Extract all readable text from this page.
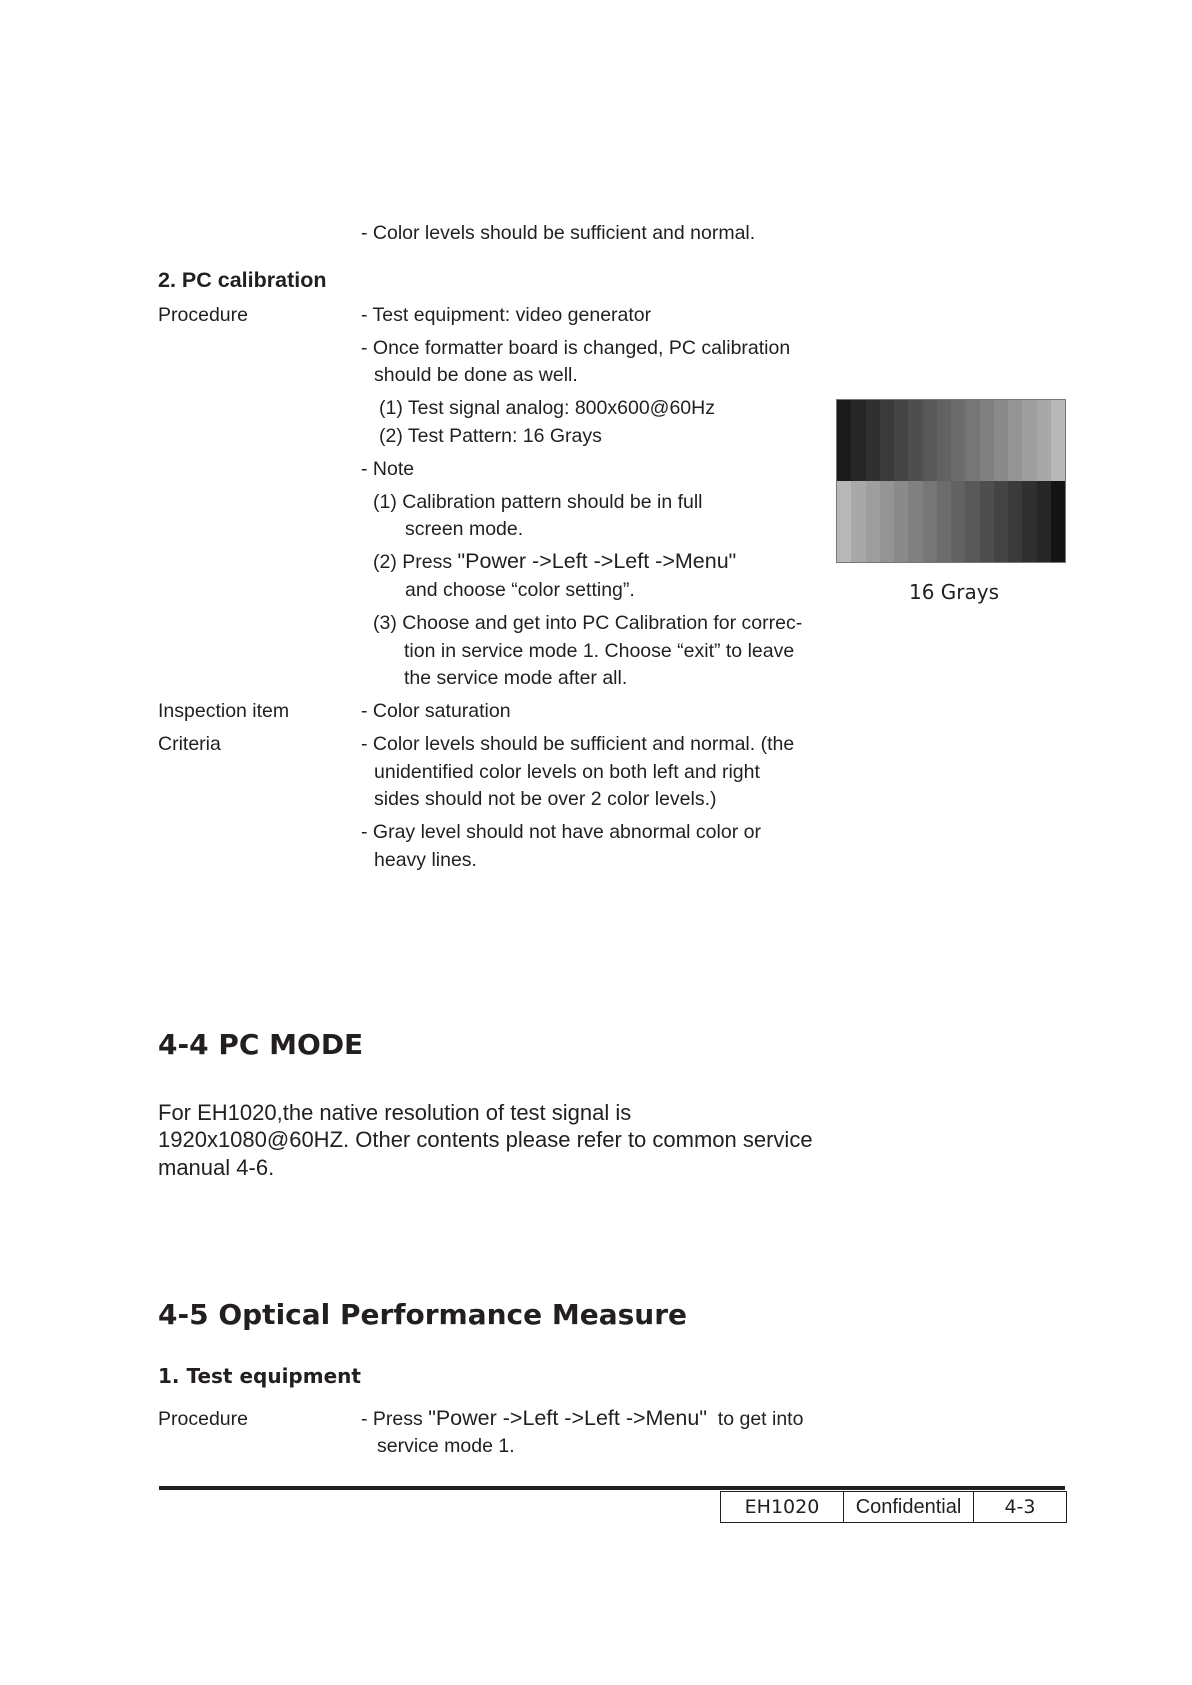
- Color levels should be sufficient and normal.
2. PC calibration
Procedure	- Test equipment: video generator
- Once formatter board is changed, PC calibration
should be done as well.
(1) Test signal analog: 800x600@60Hz
(2) Test Pattern: 16 Grays
- Note
(1) Calibration pattern should be in full
screen mode.
(2) Press "Power ->Left ->Left ->Menu"
and choose “color setting”.
(3) Choose and get into PC Calibration for correc-
tion in service mode 1. Choose “exit” to leave
the service mode after all.
Inspection item	- Color saturation
Criteria	- Color levels should be sufficient and normal. (the
unidentified color levels on both left and right
sides should not be over 2 color levels.)
- Gray level should not have abnormal color or
heavy lines.
16 Grays
4-4 PC MODE
For EH1020,the native resolution of test signal is
1920x1080@60HZ. Other contents please refer to common service
manual 4-6.
4-5 Optical Performance Measure
1. Test equipment
Procedure	- Press "Power ->Left ->Left ->Menu"  to get into
service mode 1.
EH1020	Confidential	4-3
